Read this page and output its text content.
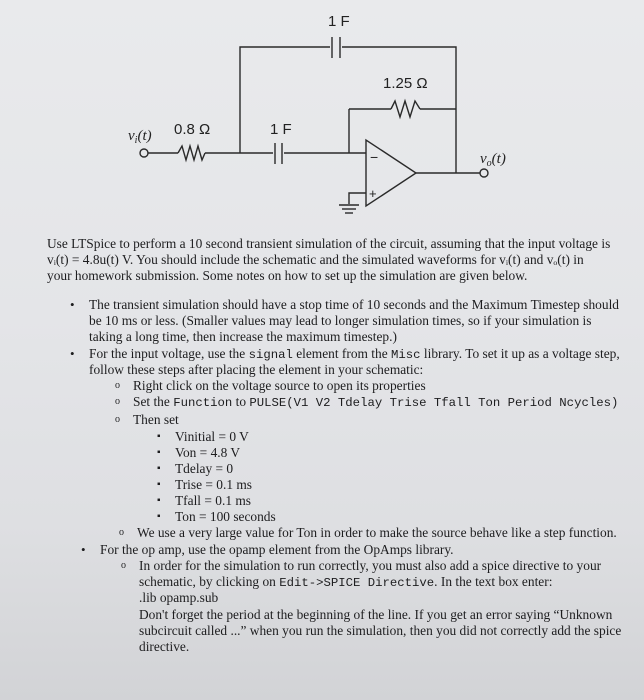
1 F
1.25 Ω
0.8 Ω	1 F
−
+
$v_i(t)$
$v_o(t)$
Use LTSpice to perform a 10 second transient simulation of the circuit, assuming that the input voltage is
vᵢ(t) = 4.8u(t) V. You should include the schematic and the simulated waveforms for vᵢ(t) and vₒ(t) in
your homework submission. Some notes on how to set up the simulation are given below.
• The transient simulation should have a stop time of 10 seconds and the Maximum Timestep should
be 10 ms or less. (Smaller values may lead to longer simulation times, so if your simulation is
taking a long time, then increase the maximum timestep.)
• For the input voltage, use the signal element from the Misc library. To set it up as a voltage step,
follow these steps after placing the element in your schematic:
o Right click on the voltage source to open its properties
o Set the Function to PULSE(V1 V2 Tdelay Trise Tfall Ton Period Ncycles)
o Then set
▪ Vinitial = 0 V
▪ Von = 4.8 V
▪ Tdelay = 0
▪ Trise = 0.1 ms
▪ Tfall = 0.1 ms
▪ Ton = 100 seconds
o We use a very large value for Ton in order to make the source behave like a step function.
• For the op amp, use the opamp element from the OpAmps library.
o In order for the simulation to run correctly, you must also add a spice directive to your
schematic, by clicking on Edit->SPICE Directive. In the text box enter:
.lib opamp.sub
Don't forget the period at the beginning of the line. If you get an error saying “Unknown
subcircuit called ...” when you run the simulation, then you did not correctly add the spice
directive.
